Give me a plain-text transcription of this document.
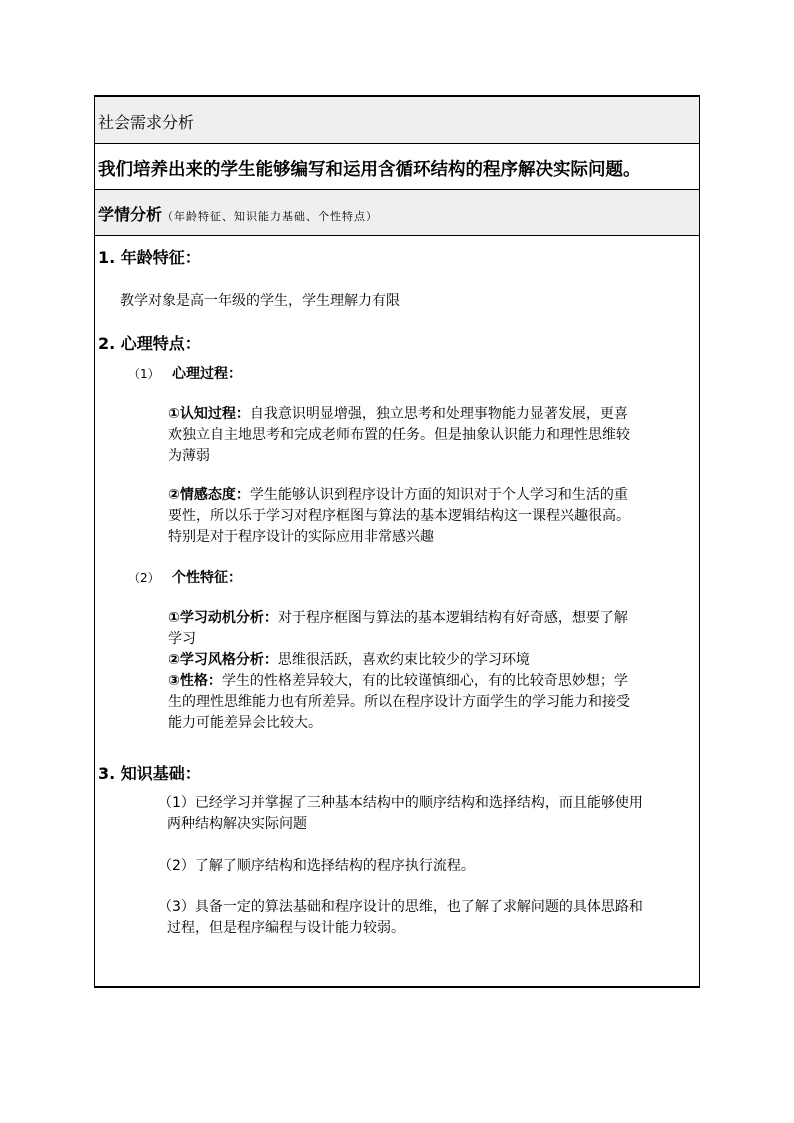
社会需求分析
我们培养出来的学生能够编写和运用含循环结构的程序解决实际问题。
学情分析（年龄特征、知识能力基础、个性特点）
1. 年龄特征：
教学对象是高一年级的学生，学生理解力有限
2. 心理特点：
（1） 心理过程：
①认知过程：自我意识明显增强，独立思考和处理事物能力显著发展，更喜
欢独立自主地思考和完成老师布置的任务。但是抽象认识能力和理性思维较
为薄弱
②情感态度：学生能够认识到程序设计方面的知识对于个人学习和生活的重
要性，所以乐于学习对程序框图与算法的基本逻辑结构这一课程兴趣很高。
特别是对于程序设计的实际应用非常感兴趣
（2） 个性特征：
①学习动机分析：对于程序框图与算法的基本逻辑结构有好奇感，想要了解
学习
②学习风格分析：思维很活跃，喜欢约束比较少的学习环境
③性格：学生的性格差异较大，有的比较谨慎细心，有的比较奇思妙想；学
生的理性思维能力也有所差异。所以在程序设计方面学生的学习能力和接受
能力可能差异会比较大。
3. 知识基础：
（1）已经学习并掌握了三种基本结构中的顺序结构和选择结构，而且能够使用
两种结构解决实际问题
（2）了解了顺序结构和选择结构的程序执行流程。
（3）具备一定的算法基础和程序设计的思维，也了解了求解问题的具体思路和
过程，但是程序编程与设计能力较弱。
